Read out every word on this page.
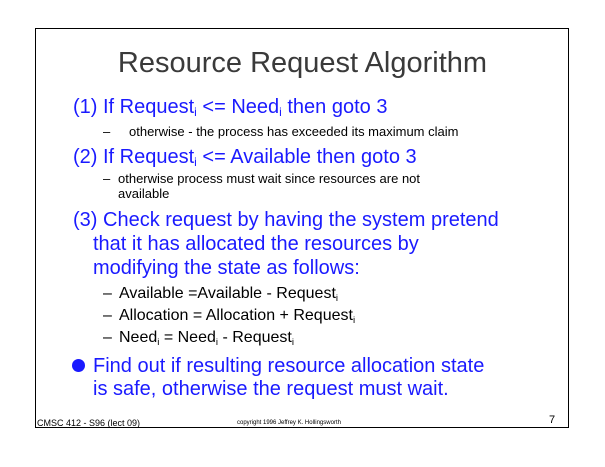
Resource Request Algorithm
(1) If Request$_i$ <= Need$_i$ then goto 3
– otherwise - the process has exceeded its maximum claim
(2) If Request$_i$ <= Available then goto 3
– otherwise process must wait since resources are not
available
(3) Check request by having the system pretend
that it has allocated the resources by
modifying the state as follows:
– Available =Available - Request$_i$
– Allocation = Allocation + Request$_i$
– Need$_i$ = Need$_i$ - Request$_i$
Find out if resulting resource allocation state
is safe, otherwise the request must wait.
CMSC 412 - S96 (lect 09)	copyright 1996 Jeffrey K. Hollingsworth	7
